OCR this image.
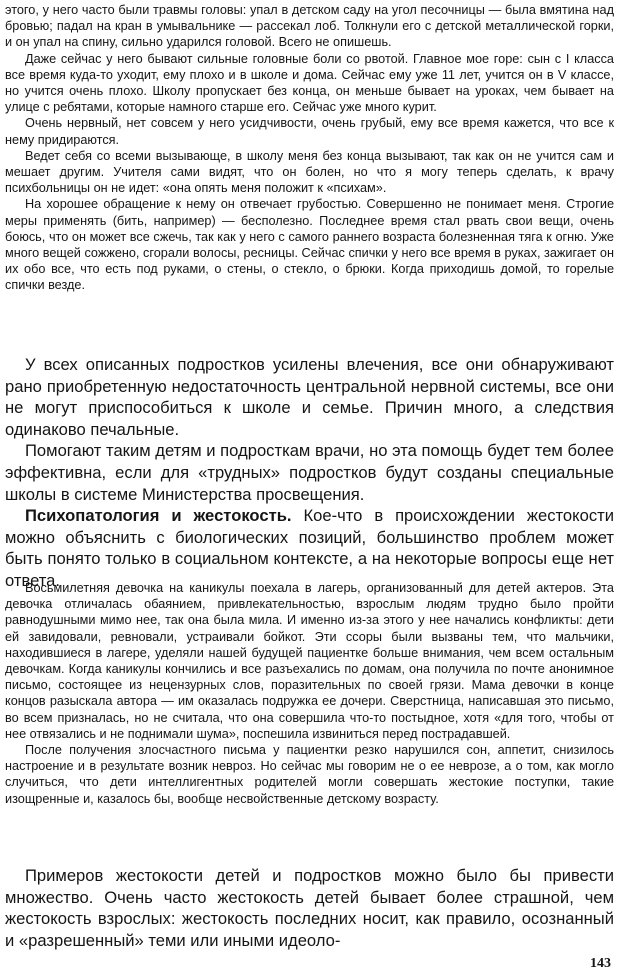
этого, у него часто были травмы головы: упал в детском саду на угол песочницы — была вмятина над бровью; падал на кран в умывальнике — рассекал лоб. Толкнули его с детской металлической горки, и он упал на спину, сильно ударился головой. Всего не опишешь.

Даже сейчас у него бывают сильные головные боли со рвотой. Главное мое горе: сын с I класса все время куда-то уходит, ему плохо и в школе и дома. Сейчас ему уже 11 лет, учится он в V классе, но учится очень плохо. Школу пропускает без конца, он меньше бывает на уроках, чем бывает на улице с ребятами, которые намного старше его. Сейчас уже много курит.

Очень нервный, нет совсем у него усидчивости, очень грубый, ему все время кажется, что все к нему придираются.

Ведет себя со всеми вызывающе, в школу меня без конца вызывают, так как он не учится сам и мешает другим. Учителя сами видят, что он болен, но что я могу теперь сделать, к врачу психбольницы он не идет: «она опять меня положит к «психам».

На хорошее обращение к нему он отвечает грубостью. Совершенно не понимает меня. Строгие меры применять (бить, например) — бесполезно. Последнее время стал рвать свои вещи, очень боюсь, что он может все сжечь, так как у него с самого раннего возраста болезненная тяга к огню. Уже много вещей сожжено, сгорали волосы, ресницы. Сейчас спички у него все время в руках, зажигает он их обо все, что есть под руками, о стены, о стекло, о брюки. Когда приходишь домой, то горелые спички везде.

У всех описанных подростков усилены влечения, все они обнаруживают рано приобретенную недостаточность центральной нервной системы, все они не могут приспособиться к школе и семье. Причин много, а следствия одинаково печальные.

Помогают таким детям и подросткам врачи, но эта помощь будет тем более эффективна, если для «трудных» подростков будут созданы специальные школы в системе Министерства просвещения.

Психопатология и жестокость. Кое-что в происхождении жестокости можно объяснить с биологических позиций, большинство проблем может быть понято только в социальном контексте, а на некоторые вопросы еще нет ответа.

Восьмилетняя девочка на каникулы поехала в лагерь, организованный для детей актеров. Эта девочка отличалась обаянием, привлекательностью, взрослым людям трудно было пройти равнодушными мимо нее, так она была мила. И именно из-за этого у нее начались конфликты: дети ей завидовали, ревновали, устраивали бойкот. Эти ссоры были вызваны тем, что мальчики, находившиеся в лагере, уделяли нашей будущей пациентке больше внимания, чем всем остальным девочкам. Когда каникулы кончились и все разъехались по домам, она получила по почте анонимное письмо, состоящее из нецензурных слов, поразительных по своей грязи. Мама девочки в конце концов разыскала автора — им оказалась подружка ее дочери. Сверстница, написавшая это письмо, во всем призналась, но не считала, что она совершила что-то постыдное, хотя «для того, чтобы от нее отвязались и не поднимали шума», поспешила извиниться перед пострадавшей.

После получения злосчастного письма у пациентки резко нарушился сон, аппетит, снизилось настроение и в результате возник невроз. Но сейчас мы говорим не о ее неврозе, а о том, как могло случиться, что дети интеллигентных родителей могли совершать жестокие поступки, такие изощренные и, казалось бы, вообще несвойственные детскому возрасту.

Примеров жестокости детей и подростков можно было бы привести множество. Очень часто жестокость детей бывает более страшной, чем жестокость взрослых: жестокость последних носит, как правило, осознанный и «разрешенный» теми или иными идеоло-

143
